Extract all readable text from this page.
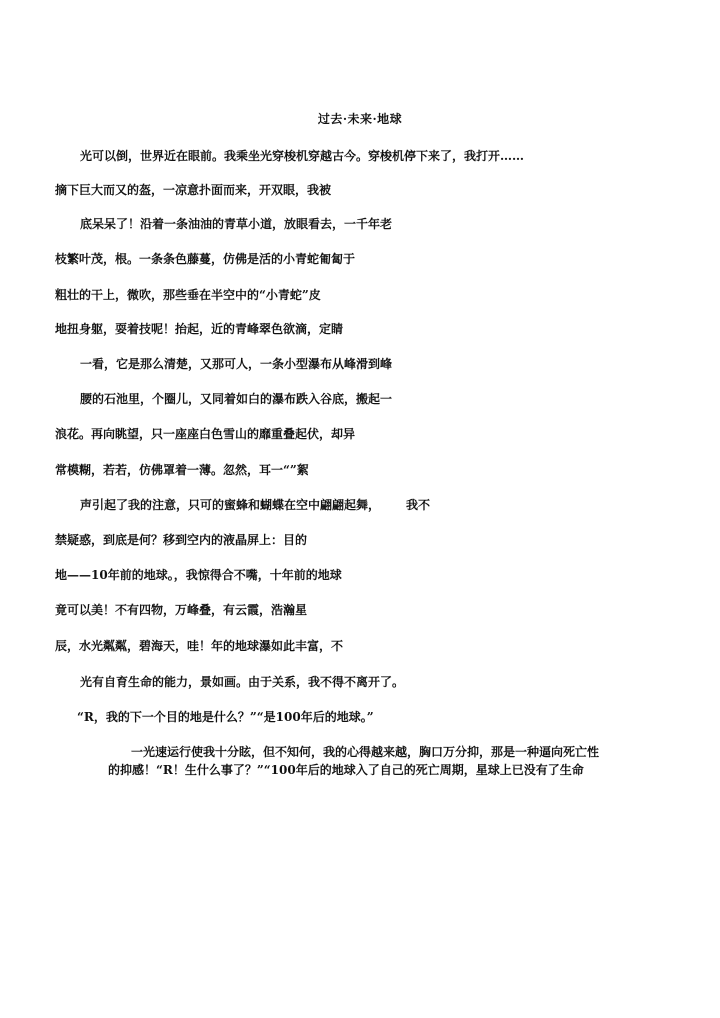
过去·未来·地球
光可以倒，世界近在眼前。我乘坐光穿梭机穿越古今。穿梭机停下来了，我打开……
摘下巨大而又的盔，一凉意扑面而来，开双眼，我被
底呆呆了！沿着一条油油的青草小道，放眼看去，一千年老
枝繁叶茂，根。一条条色藤蔓，仿佛是活的小青蛇匍匐于
粗壮的干上，微吹，那些垂在半空中的“小青蛇”皮
地扭身躯，耍着技呢！抬起，近的青峰翠色欲滴，定睛
一看，它是那么清楚，又那可人，一条小型瀑布从峰滑到峰
腰的石池里，个圈儿，又同着如白的瀑布跌入谷底，搬起一
浪花。再向眺望，只一座座白色雪山的靡重叠起伏，却异
常模糊，若若，仿佛罩着一薄。忽然，耳一“”絮
声引起了我的注意，只可的蜜蜂和蝴蝶在空中翩翩起舞， 我不
禁疑惑，到底是何？移到空内的液晶屏上：目的
地——10年前的地球。，我惊得合不嘴，十年前的地球
竟可以美！不有四物，万峰叠，有云霞，浩瀚星
辰，水光粼粼，碧海天，哇！年的地球瀑如此丰富，不
光有自育生命的能力，景如画。由于关系，我不得不离开了。
“R，我的下一个目的地是什么？”“是100年后的地球。”
一光速运行使我十分眩，但不知何，我的心得越来越，胸口万分抑，那是一种逼向死亡性
的抑感！“R！生什么事了？”“100年后的地球入了自己的死亡周期，星球上已没有了生命
